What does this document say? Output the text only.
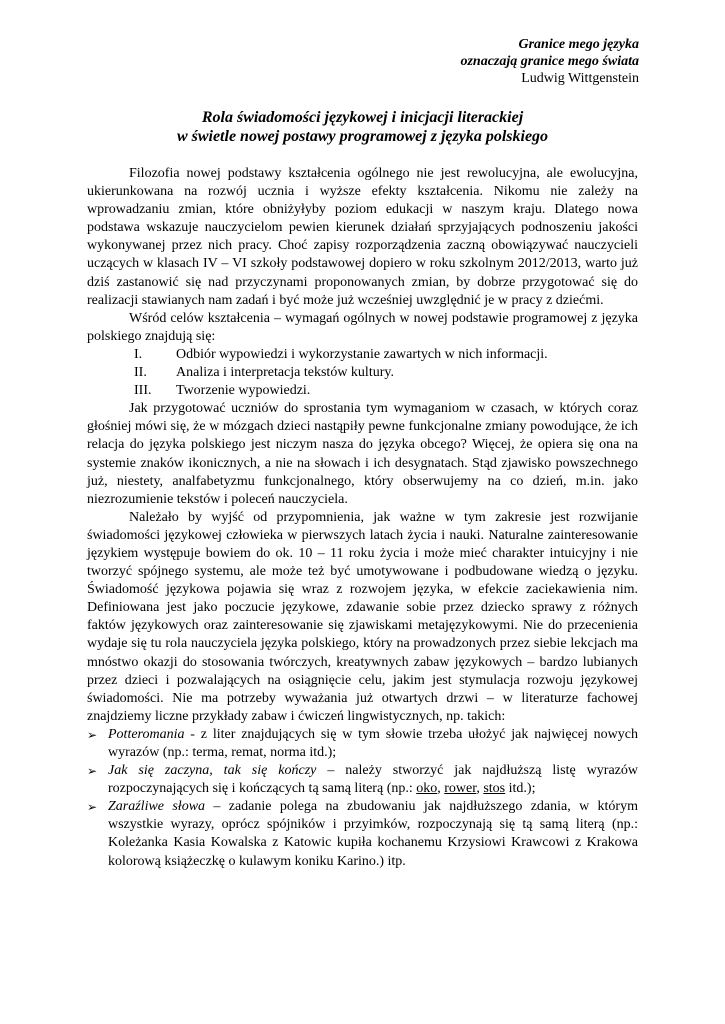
Granice mego języka
oznaczają granice mego świata
Ludwig Wittgenstein
Rola świadomości językowej i inicjacji literackiej
w świetle nowej postawy programowej z języka polskiego

Filozofia nowej podstawy kształcenia ogólnego nie jest rewolucyjna, ale ewolucyjna, ukierunkowana na rozwój ucznia i wyższe efekty kształcenia. Nikomu nie zależy na wprowadzaniu zmian, które obniżyłyby poziom edukacji w naszym kraju. Dlatego nowa podstawa wskazuje nauczycielom pewien kierunek działań sprzyjających podnoszeniu jakości wykonywanej przez nich pracy. Choć zapisy rozporządzenia zaczną obowiązywać nauczycieli uczących w klasach IV – VI szkoły podstawowej dopiero w roku szkolnym 2012/2013, warto już dziś zastanowić się nad przyczynami proponowanych zmian, by dobrze przygotować się do realizacji stawianych nam zadań i być może już wcześniej uwzględnić je w pracy z dziećmi.

Wśród celów kształcenia – wymagań ogólnych w nowej podstawie programowej z języka polskiego znajdują się:

I.	Odbiór wypowiedzi i wykorzystanie zawartych w nich informacji.
II.	Analiza i interpretacja tekstów kultury.
III.	Tworzenie wypowiedzi.

Jak przygotować uczniów do sprostania tym wymaganiom w czasach, w których coraz głośniej mówi się, że w mózgach dzieci nastąpiły pewne funkcjonalne zmiany powodujące, że ich relacja do języka polskiego jest niczym nasza do języka obcego? Więcej, że opiera się ona na systemie znaków ikonicznych, a nie na słowach i ich desygnatach. Stąd zjawisko powszechnego już, niestety, analfabetyzmu funkcjonalnego, który obserwujemy na co dzień, m.in. jako niezrozumienie tekstów i poleceń nauczyciela.

Należało by wyjść od przypomnienia, jak ważne w tym zakresie jest rozwijanie świadomości językowej człowieka w pierwszych latach życia i nauki. Naturalne zainteresowanie językiem występuje bowiem do ok. 10 – 11 roku życia i może mieć charakter intuicyjny i nie tworzyć spójnego systemu, ale może też być umotywowane i podbudowane wiedzą o języku. Świadomość językowa pojawia się wraz z rozwojem języka, w efekcie zaciekawienia nim. Definiowana jest jako poczucie językowe, zdawanie sobie przez dziecko sprawy z różnych faktów językowych oraz zainteresowanie się zjawiskami metajęzykowymi. Nie do przecenienia wydaje się tu rola nauczyciela języka polskiego, który na prowadzonych przez siebie lekcjach ma mnóstwo okazji do stosowania twórczych, kreatywnych zabaw językowych – bardzo lubianych przez dzieci i pozwalających na osiągnięcie celu, jakim jest stymulacja rozwoju językowej świadomości. Nie ma potrzeby wyważania już otwartych drzwi – w literaturze fachowej znajdziemy liczne przykłady zabaw i ćwiczeń lingwistycznych, np. takich:

➢ Potteromania - z liter znajdujących się w tym słowie trzeba ułożyć jak najwięcej nowych wyrazów (np.: terma, remat, norma itd.);
➢ Jak się zaczyna, tak się kończy – należy stworzyć jak najdłuższą listę wyrazów rozpoczynających się i kończących tą samą literą (np.: oko, rower, stos itd.);
➢ Zaraźliwe słowa – zadanie polega na zbudowaniu jak najdłuższego zdania, w którym wszystkie wyrazy, oprócz spójników i przyimków, rozpoczynają się tą samą literą (np.: Koleżanka Kasia Kowalska z Katowic kupiła kochanemu Krzysiowi Krawcowi z Krakowa kolorową książeczkę o kulawym koniku Karino.) itp.
